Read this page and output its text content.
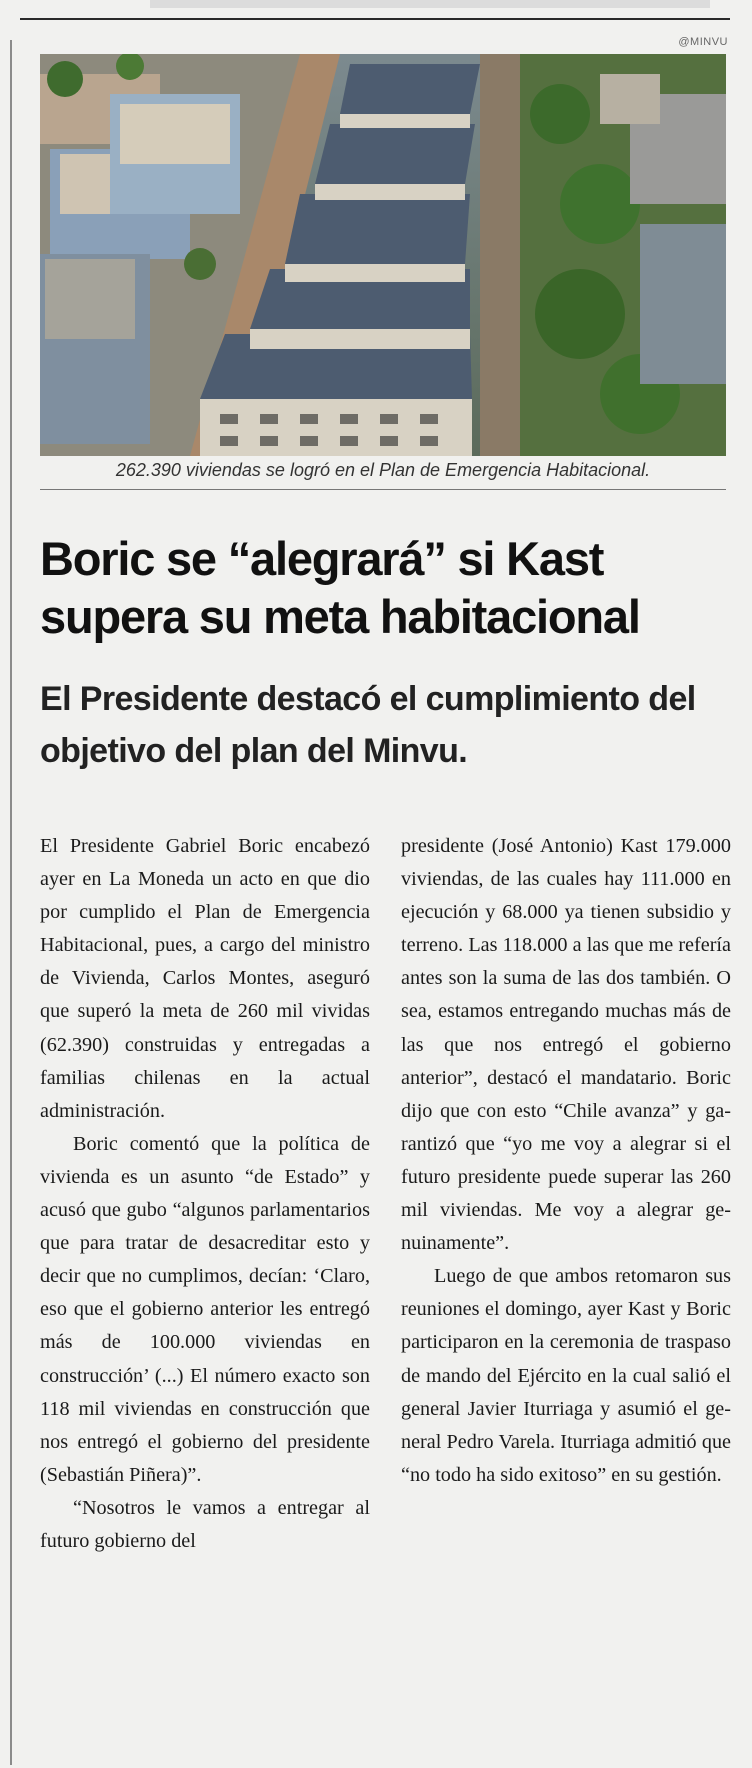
@MINVU
262.390 viviendas se logró en el Plan de Emergencia Habitacional.
Boric se “alegrará” si Kast supera su meta habitacional
El Presidente destacó el cumplimiento del objetivo del plan del Minvu.

El Presidente Gabriel Boric encabezó ayer en La Moneda un acto en que dio por cumplido el Plan de Emergencia Habitacional, pues, a cargo del ministro de Vivienda, Carlos Montes, aseguró que superó la meta de 260 mil vividas (62.390) construidas y entregadas a familias chilenas en la actual administración.

Boric comentó que la política de vivienda es un asunto “de Estado” y acusó que gubo “algunos parlamentarios que para tratar de desacreditar esto y decir que no cumplimos, decían: ‘Claro, eso que el gobierno anterior les entregó más de 100.000 viviendas en construcción’ (...) El número exacto son 118 mil viviendas en construcción que nos entregó el gobierno del presidente (Sebastián Piñera)”.

“Nosotros le vamos a entregar al futuro gobierno del

presidente (José Antonio) Kast 179.000 viviendas, de las cuales hay 111.000 en ejecución y 68.000 ya tienen subsidio y terreno. Las 118.000 a las que me refería antes son la suma de las dos también. O sea, estamos entregando muchas más de las que nos entregó el gobierno anterior”, destacó el mandatario. Boric dijo que con esto “Chile avanza” y garantizó que “yo me voy a alegrar si el futuro presidente puede superar las 260 mil viviendas. Me voy a alegrar genuinamente”.

Luego de que ambos retomaron sus reuniones el domingo, ayer Kast y Boric participaron en la ceremonia de traspaso de mando del Ejército en la cual salió el general Javier Iturriaga y asumió el general Pedro Varela. Iturriaga admitió que “no todo ha sido exitoso” en su gestión.
